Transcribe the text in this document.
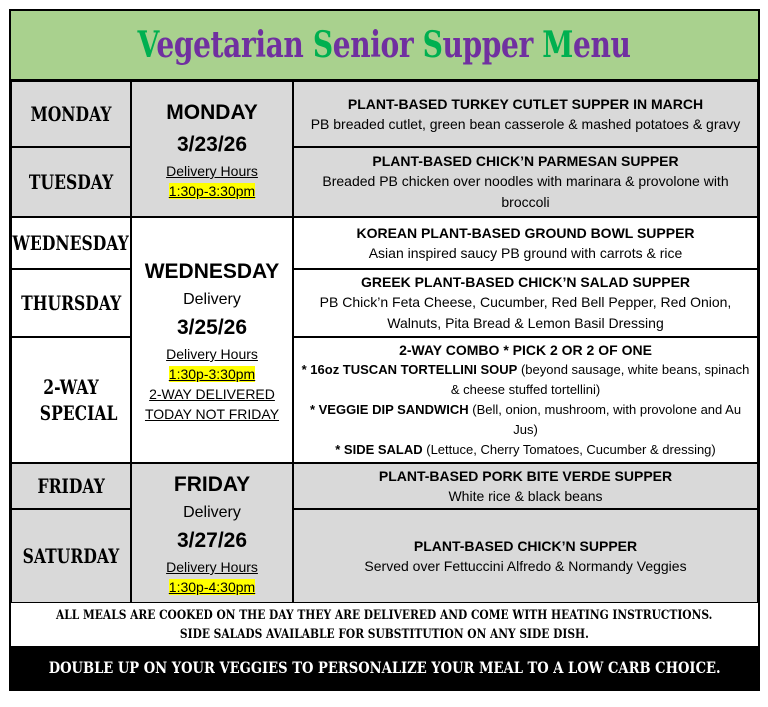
Vegetarian Senior Supper Menu
MONDAY
TUESDAY
WEDNESDAY
THURSDAY
2-WAY SPECIAL
FRIDAY
SATURDAY
MONDAY
3/23/26
Delivery Hours
1:30p-3:30pm
WEDNESDAY
Delivery
3/25/26
Delivery Hours
1:30p-3:30pm
2-WAY DELIVERED
TODAY NOT FRIDAY
FRIDAY
Delivery
3/27/26
Delivery Hours
1:30p-4:30pm
PLANT-BASED TURKEY CUTLET SUPPER IN MARCH
PB breaded cutlet, green bean casserole & mashed potatoes & gravy
PLANT-BASED CHICK’N PARMESAN SUPPER
Breaded PB chicken over noodles with marinara & provolone with broccoli
KOREAN PLANT-BASED GROUND BOWL SUPPER
Asian inspired saucy PB ground with carrots & rice
GREEK PLANT-BASED CHICK’N SALAD SUPPER
PB Chick’n Feta Cheese, Cucumber, Red Bell Pepper, Red Onion, Walnuts, Pita Bread & Lemon Basil Dressing
2-WAY COMBO * PICK 2 OR 2 OF ONE
* 16oz TUSCAN TORTELLINI SOUP (beyond sausage, white beans, spinach & cheese stuffed tortellini)
* VEGGIE DIP SANDWICH (Bell, onion, mushroom, with provolone and Au Jus)
* SIDE SALAD (Lettuce, Cherry Tomatoes, Cucumber & dressing)
PLANT-BASED PORK BITE VERDE SUPPER
White rice & black beans
PLANT-BASED CHICK’N SUPPER
Served over Fettuccini Alfredo & Normandy Veggies
ALL MEALS ARE COOKED ON THE DAY THEY ARE DELIVERED AND COME WITH HEATING INSTRUCTIONS.
SIDE SALADS AVAILABLE FOR SUBSTITUTION ON ANY SIDE DISH.
DOUBLE UP ON YOUR VEGGIES TO PERSONALIZE YOUR MEAL TO A LOW CARB CHOICE.
